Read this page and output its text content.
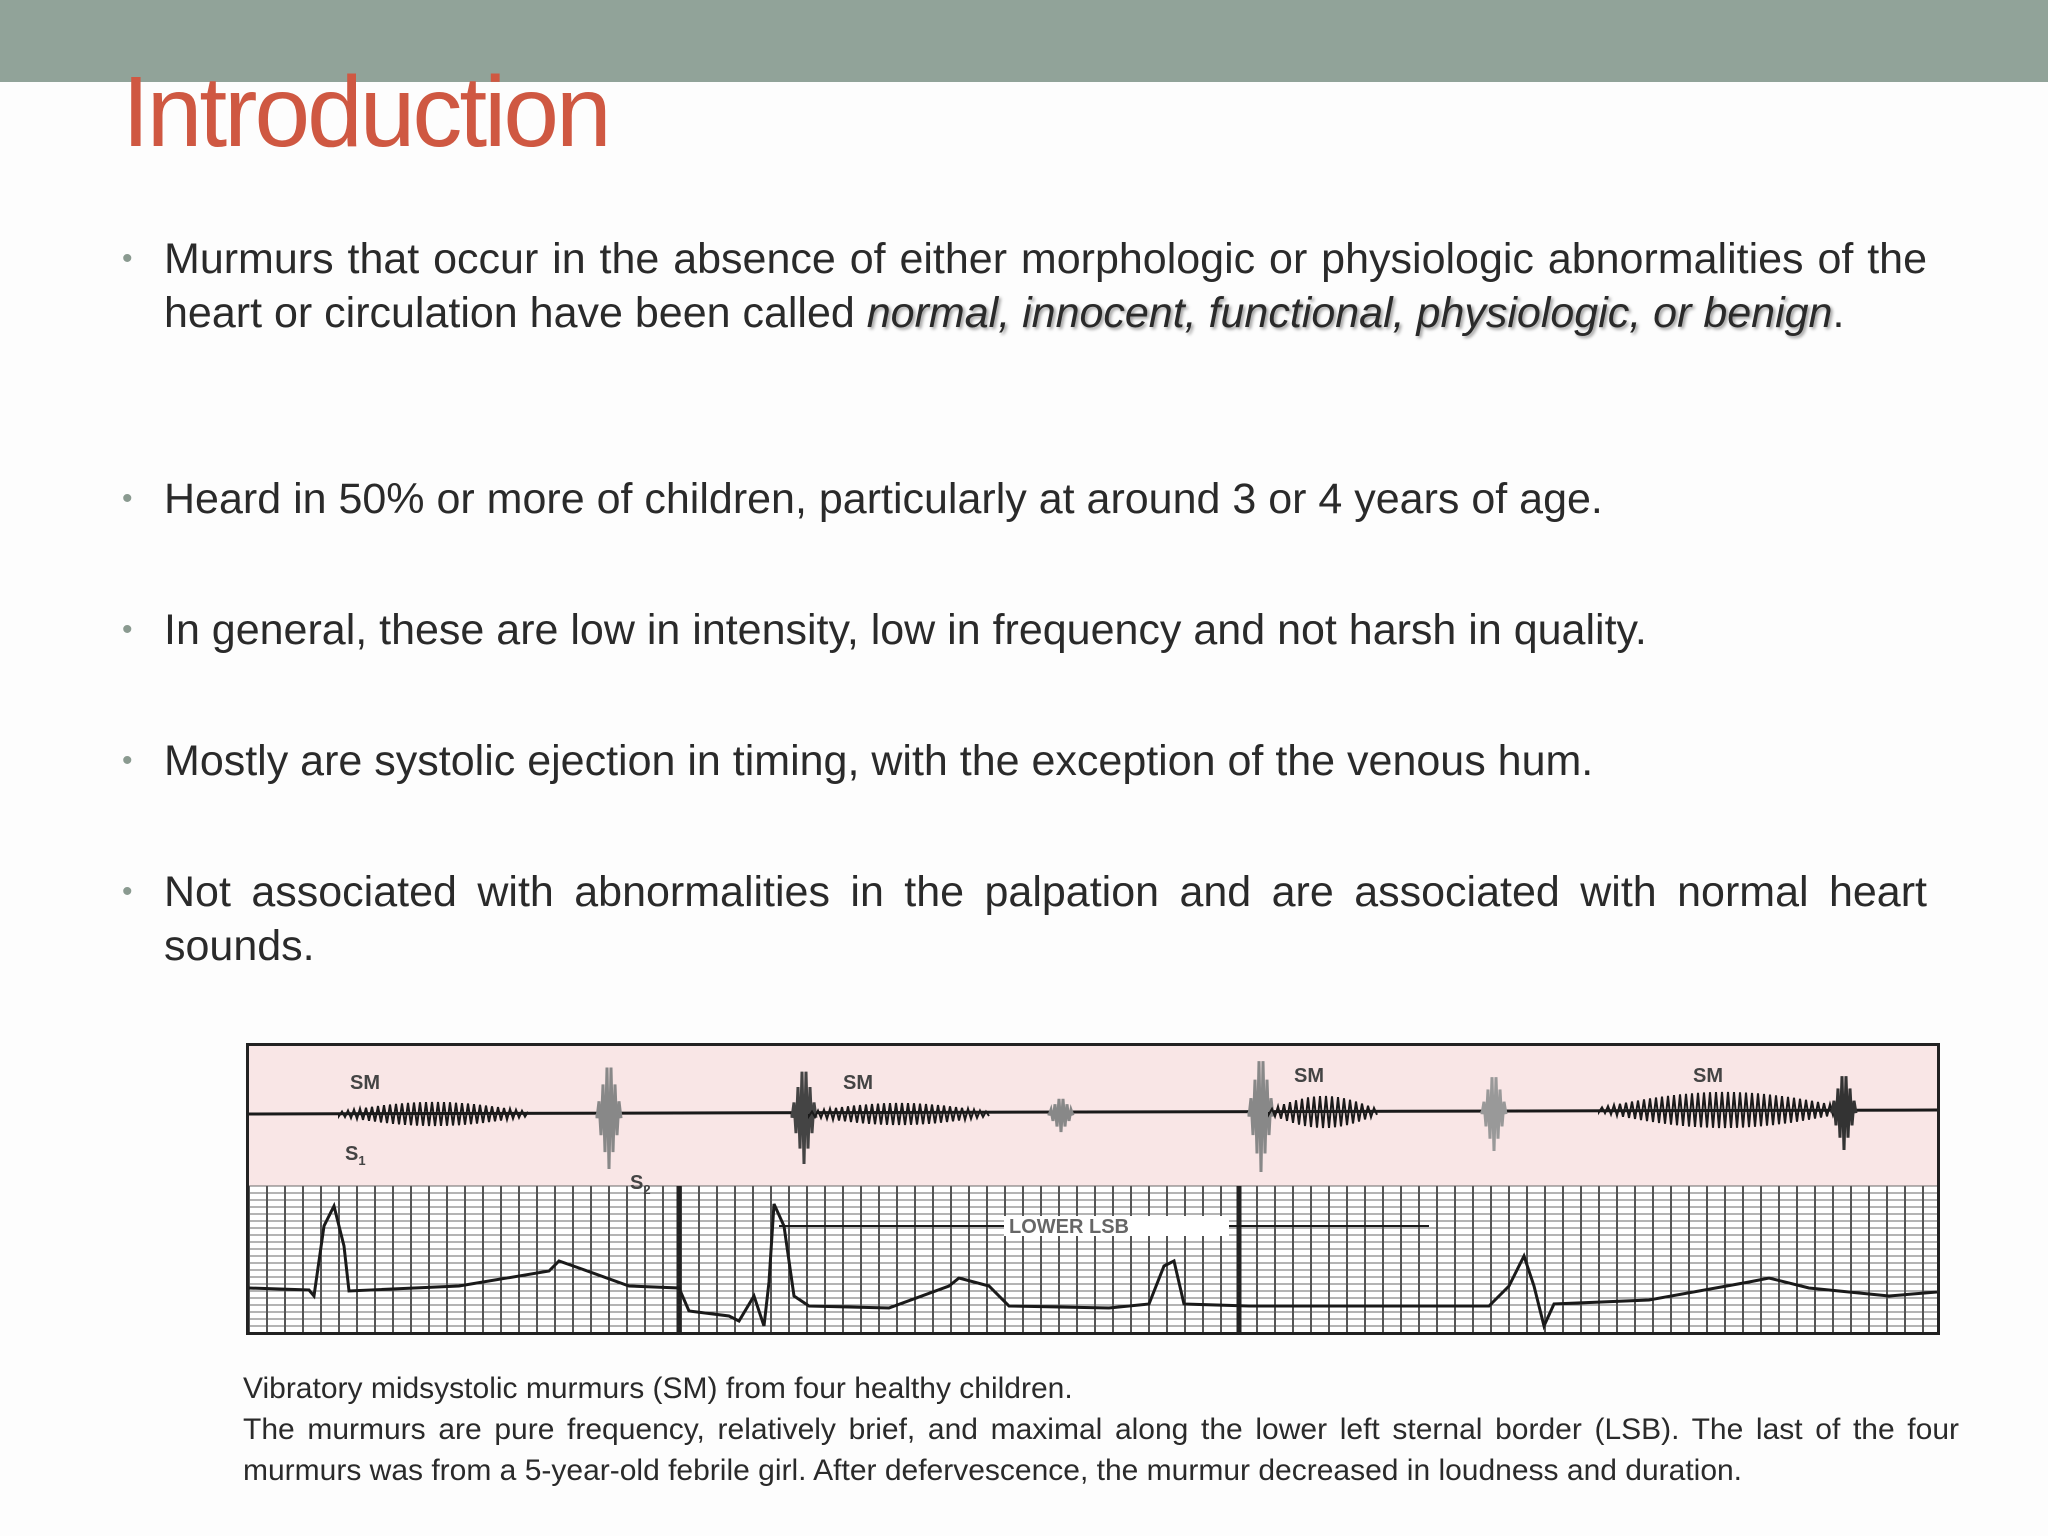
Introduction
• Murmurs that occur in the absence of either morphologic or physiologic abnormalities of the heart or circulation have been called normal, innocent, functional, physiologic, or benign.
• Heard in 50% or more of children, particularly at around 3 or 4 years of age.
• In general, these are low in intensity, low in frequency and not harsh in quality.
• Mostly are systolic ejection in timing, with the exception of the venous hum.
• Not associated with abnormalities in the palpation and are associated with normal heart sounds.
SM	SM	SM	SM
$S_1$
$S_2$
LOWER LSB
Vibratory midsystolic murmurs (SM) from four healthy children.
The murmurs are pure frequency, relatively brief, and maximal along the lower left sternal border (LSB). The last of the four murmurs was from a 5-year-old febrile girl. After defervescence, the murmur decreased in loudness and duration.
